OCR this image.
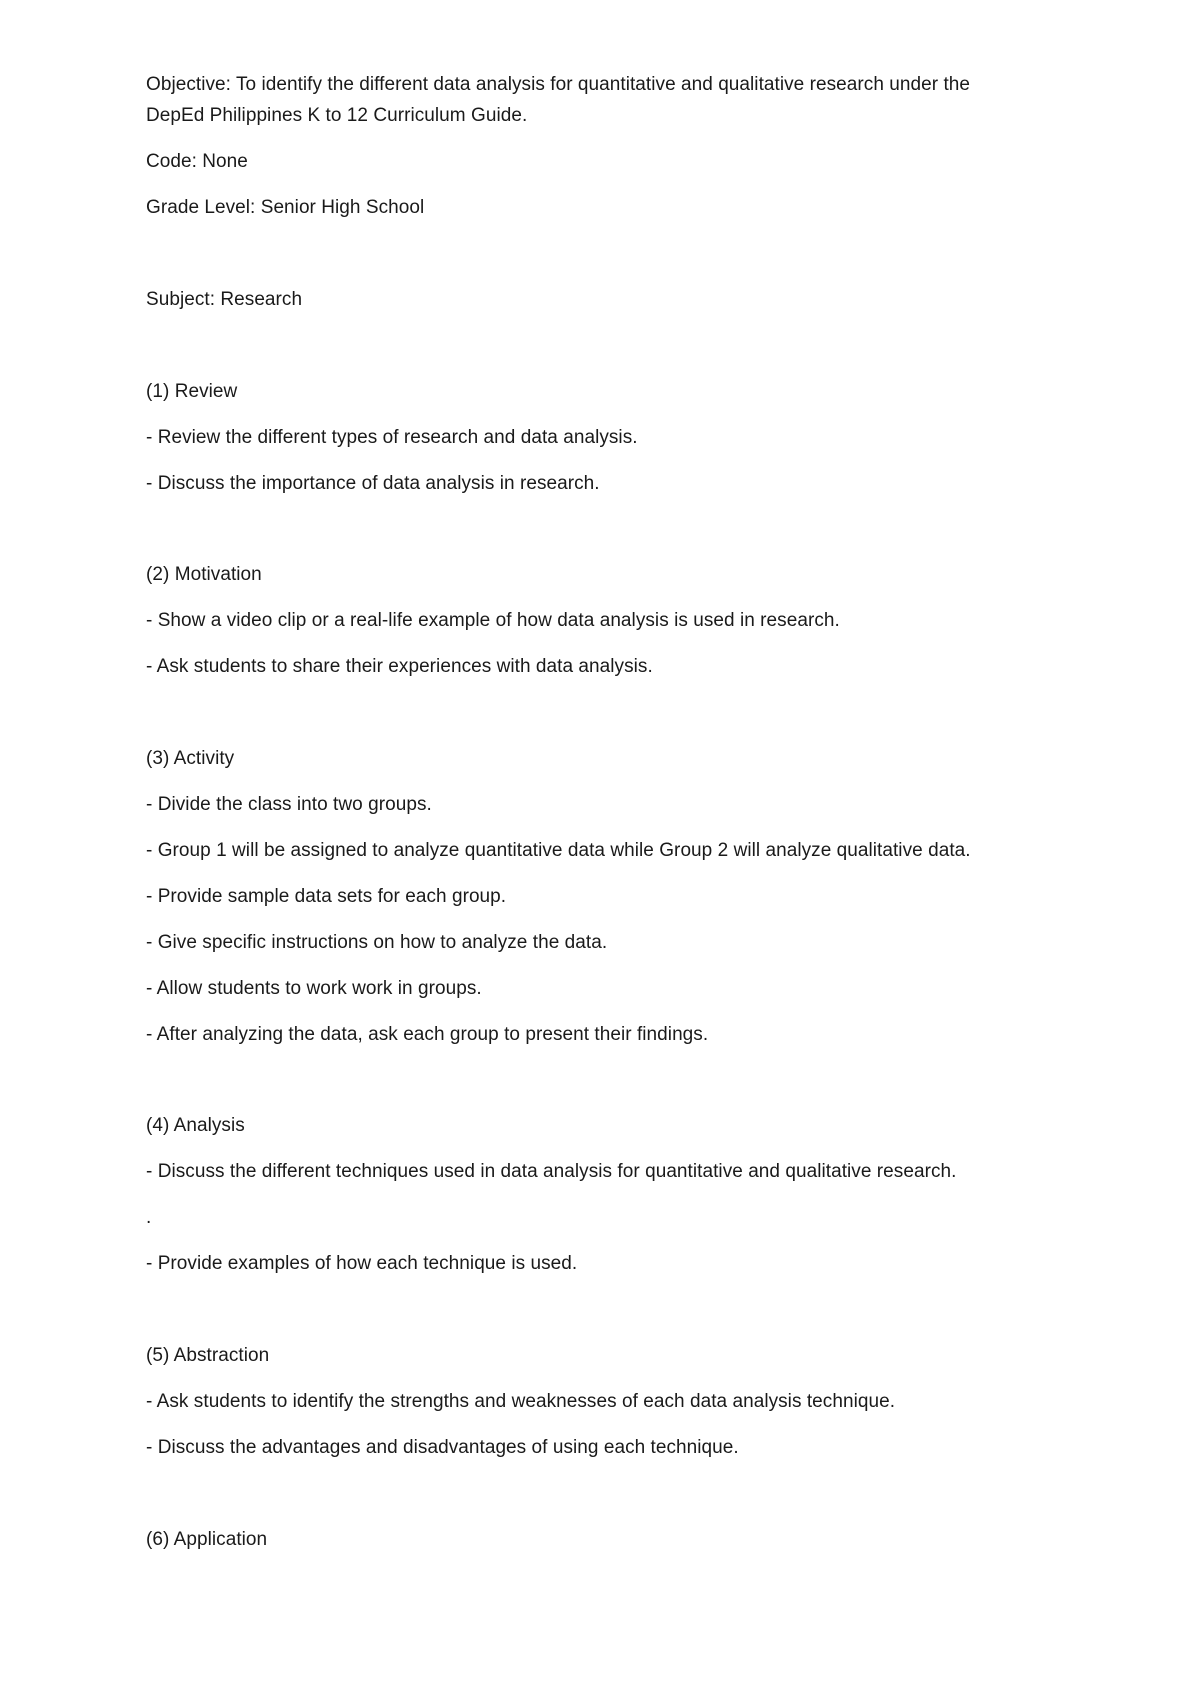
Objective: To identify the different data analysis for quantitative and qualitative research under the
DepEd Philippines K to 12 Curriculum Guide.
Code: None
Grade Level: Senior High School
Subject: Research
(1) Review
- Review the different types of research and data analysis.
- Discuss the importance of data analysis in research.
(2) Motivation
- Show a video clip or a real-life example of how data analysis is used in research.
- Ask students to share their experiences with data analysis.
(3) Activity
- Divide the class into two groups.
- Group 1 will be assigned to analyze quantitative data while Group 2 will analyze qualitative data.
- Provide sample data sets for each group.
- Give specific instructions on how to analyze the data.
- Allow students to work work in groups.
- After analyzing the data, ask each group to present their findings.
(4) Analysis
- Discuss the different techniques used in data analysis for quantitative and qualitative research.
.
- Provide examples of how each technique is used.
(5) Abstraction
- Ask students to identify the strengths and weaknesses of each data analysis technique.
- Discuss the advantages and disadvantages of using each technique.
(6) Application
